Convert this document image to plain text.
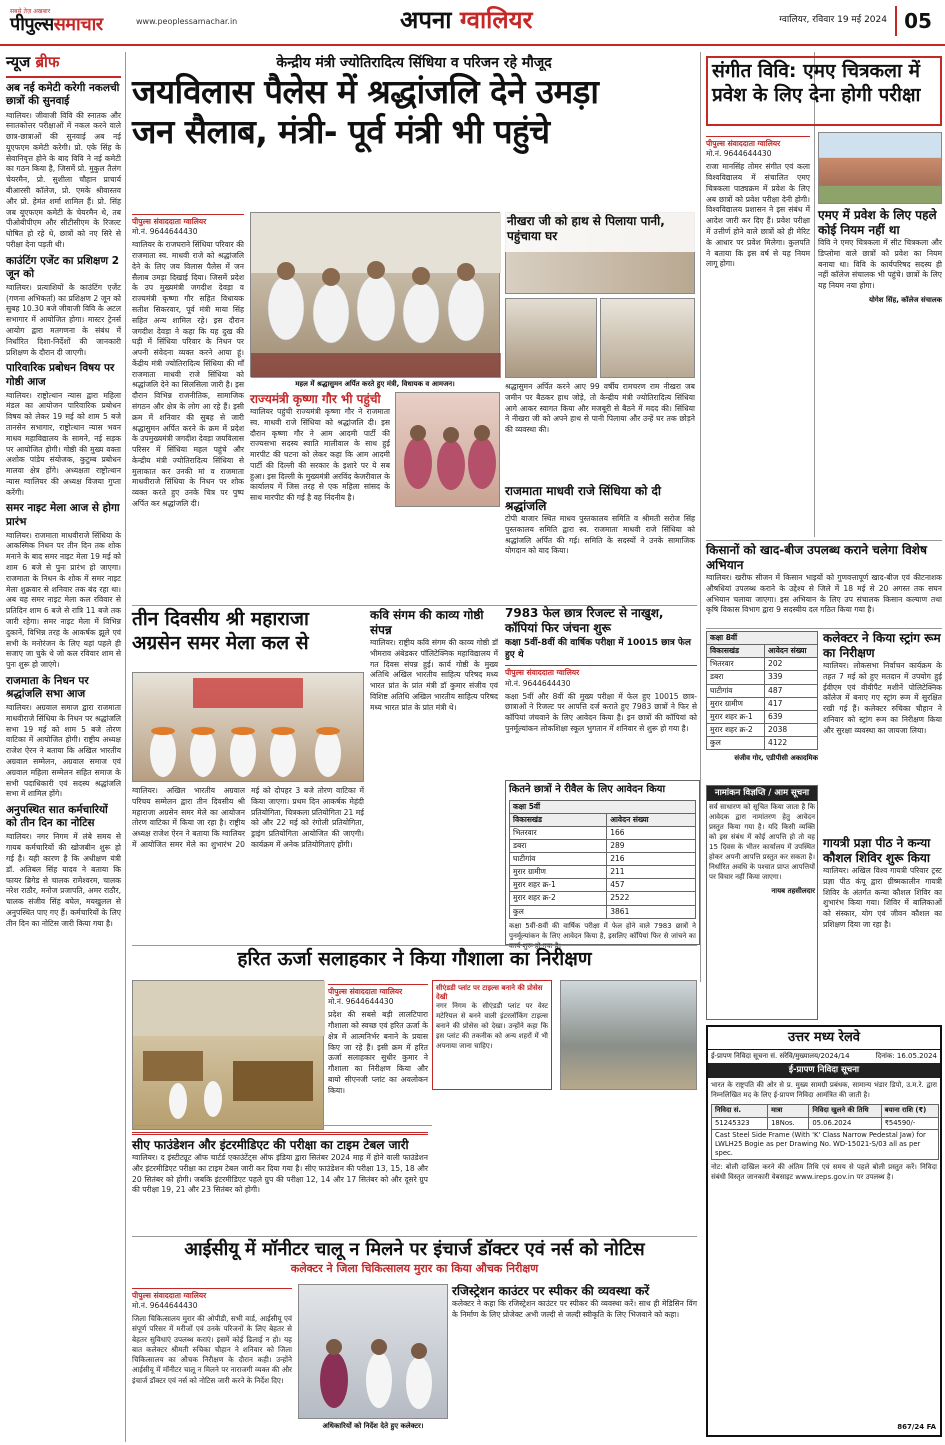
सबसे तेज़ अखबार
पीपुल्ससमाचार	www.peoplessamachar.in	अपना ग्वालियर	ग्वालियर, रविवार 19 मई 2024 05
न्यूज ब्रीफ
अब नई कमेटी करेगी नकलची छात्रों की सुनवाई
ग्वालियर। जीवाजी विवि की स्नातक और स्नातकोत्तर परीक्षाओं में नकल करने वाले छात्र-छात्राओं की सुनवाई अब नई यूएफएम कमेटी करेगी। प्रो. एके सिंह के सेवानिवृत्त होने के बाद विवि ने नई कमेटी का गठन किया है, जिसमें प्रो. मुकुल तैलंग चेयरमैन, प्रो. सुशीला चौहान प्राचार्य बीआरसी कॉलेज, प्रो. एमके श्रीवास्तव और प्रो. हेमंत शर्मा शामिल हैं। प्रो. सिंह जब यूएफएम कमेटी के चेयरमैन थे, तब पीओबीपीएम और सीटीसीएम के रिजल्ट घोषित हो रहे थे, छात्रों को नए सिरे से परीक्षा देना पड़ती थी।
काउंटिंग एजेंट का प्रशिक्षण 2 जून को
ग्वालियर। प्रत्याशियों के काउंटिंग एजेंट (गणना अभिकर्ता) का प्रशिक्षण 2 जून को सुबह 10.30 बजे जीवाजी विवि के अटल सभागार में आयोजित होगा। मास्टर ट्रेनर्स आयोग द्वारा मतगणना के संबंध में निर्धारित दिशा-निर्देशों की जानकारी प्रशिक्षण के दौरान दी जाएगी।
पारिवारिक प्रबोधन विषय पर गोष्ठी आज
ग्वालियर। राष्ट्रोत्थान न्यास द्वारा महिला मंडल का आयोजन पारिवारिक प्रबोधन विषय को लेकर 19 मई को शाम 5 बजे तानसेन सभागार, राष्ट्रोत्थान न्यास भवन माधव महाविद्यालय के सामने, नई सड़क पर आयोजित होगी। गोष्ठी की मुख्य वक्ता अशोक पांडेय संयोजक, कुटुम्ब प्रबोधन मालवा क्षेत्र होंगे। अध्यक्षता राष्ट्रोत्थान न्यास ग्वालियर की अध्यक्ष विजया गुप्ता करेंगी।
समर नाइट मेला आज से होगा प्रारंभ
ग्वालियर। राजमाता माधवीराजे सिंधिया के आकस्मिक निधन पर तीन दिन तक शोक मनाने के बाद समर नाइट मेला 19 मई को शाम 6 बजे से पुनः प्रारंभ हो जाएगा। राजमाता के निधन के शोक में समर नाइट मेला शुक्रवार से शनिवार तक बंद रहा था। अब यह समर नाइट मेला कल रविवार से प्रतिदिन शाम 6 बजे से रात्रि 11 बजे तक जारी रहेगा। समर नाइट मेला में विभिन्न दुकानें, विभिन्न तरह के आकर्षक झूले एवं सभी के मनोरंजन के लिए यहां पहले ही सजाए जा चुके थे जो कल रविवार शाम से पुनः शुरू हो जाएंगे।
राजमाता के निधन पर श्रद्धांजलि सभा आज
ग्वालियर। अग्रवाल समाज द्वारा राजमाता माधवीराजे सिंधिया के निधन पर श्रद्धांजलि सभा 19 मई को शाम 5 बजे तोरण वाटिका में आयोजित होगी। राष्ट्रीय अध्यक्ष राजेश ऐरन ने बताया कि अखिल भारतीय अग्रवाल सम्मेलन, अग्रवाल समाज एवं अग्रवाल महिला सम्मेलन सहित समाज के सभी पदाधिकारी एवं सदस्य श्रद्धांजलि सभा में शामिल होंगे।
अनुपस्थित सात कर्मचारियों को तीन दिन का नोटिस
ग्वालियर। नगर निगम में लंबे समय से गायब कर्मचारियों की खोजबीन शुरू हो गई है। यही कारण है कि अधीक्षण यंत्री डॉ. अतिबल सिंह यादव ने बताया कि फायर ब्रिगेड से चालक रामेश्वरम, चालक नरेश राठौर, मनोज प्रजापति, अमर राठौर, चालक संजीव सिंह बघेल, मयखुलल से अनुपस्थित पाए गए हैं। कर्मचारियों के लिए तीन दिन का नोटिस जारी किया गया है।
केन्द्रीय मंत्री ज्योतिरादित्य सिंधिया व परिजन रहे मौजूद
जयविलास पैलेस में श्रद्धांजलि देने उमड़ा
जन सैलाब, मंत्री- पूर्व मंत्री भी पहुंचे
पीपुल्स संवाददाता ग्वालियर
मो.नं. 9644644430
ग्वालियर के राजघराने सिंधिया परिवार की राजमाता स्व. माधवी राजे को श्रद्धांजलि देने के लिए जय विलास पैलेस में जन सैलाब उमड़ा दिखाई दिया। जिसमें प्रदेश के उप मुख्यमंत्री जगदीश देवड़ा व राज्यमंत्री कृष्णा गौर सहित विधायक सतीश सिकरवार, पूर्व मंत्री माया सिंह सहित अन्य शामिल रहे। इस दौरान जगदीश देवड़ा ने कहा कि यह दुख की घड़ी में सिंधिया परिवार के निधन पर अपनी संवेदना व्यक्त करने आया हूं। केंद्रीय मंत्री ज्योतिरादित्य सिंधिया की माँ राजमाता माधवी राजे सिंधिया को श्रद्धांजलि देने का सिलसिला जारी है। इस दौरान विभिन्न राजनीतिक, सामाजिक संगठन और क्षेत्र के लोग आ रहे हैं। इसी क्रम में शनिवार की सुबह से जारी श्रद्धासुमन अर्पित करने के क्रम में प्रदेश के उपमुख्यमंत्री जगदीश देवड़ा जयविलास परिसर में सिंधिया महल पहुंचे और केन्द्रीय मंत्री ज्योतिरादित्य सिंधिया से मुलाकात कर उनकी मां व राजमाता माधवीराजे सिंधिया के निधन पर शोक व्यक्त करते हुए उनके चित्र पर पुष्प अर्पित कर श्रद्धांजलि दी।
महल में श्रद्धासुमन अर्पित करते हुए मंत्री, विधायक व आमजन।
राज्यमंत्री कृष्णा गौर भी पहुंची
ग्वालियर पहुंची राज्यमंत्री कृष्णा गौर ने राजमाता स्व. माधवी राजे सिंधिया को श्रद्धांजलि दी। इस दौरान कृष्णा गौर ने आम आदमी पार्टी की राज्यसभा सदस्य स्वाति मालीवाल के साथ हुई मारपीट की घटना को लेकर कहा कि आम आदमी पार्टी की दिल्ली की सरकार के इशारे पर ये सब हुआ। इस दिल्ली के मुख्यमंत्री अरविंद केजरीवाल के कार्यालय में जिस तरह से एक महिला सांसद के साथ मारपीट की गई है वह निंदनीय है।
नीखरा जी को हाथ से पिलाया पानी, पहुंचाया घर
श्रद्धासुमन अर्पित करने आए 99 वर्षीय रामचरण राम नीखरा जब जमीन पर बैठकर हाथ जोड़े, तो केन्द्रीय मंत्री ज्योतिरादित्य सिंधिया आगे आकर स्वागत किया और मजबूरी से बैठने में मदद की। सिंधिया ने नीखरा जी को अपने हाथ से पानी पिलाया और उन्हें घर तक छोड़ने की व्यवस्था की।
राजमाता माधवी राजे सिंधिया को दी श्रद्धांजलि
टोपी बाजार स्थित माधव पुस्तकालय समिति व श्रीमती सरोज सिंह पुस्तकालय समिति द्वारा स्व. राजमाता माधवी राजे सिंधिया को श्रद्धांजलि अर्पित की गई। समिति के सदस्यों ने उनके सामाजिक योगदान को याद किया।
संगीत विवि: एमए चित्रकला में
प्रवेश के लिए देना होगी परीक्षा
पीपुल्स संवाददाता ग्वालियर
मो.नं. 9644644430
राजा मानसिंह तोमर संगीत एवं कला विश्वविद्यालय में संचालित एमए चित्रकला पाठ्यक्रम में प्रवेश के लिए अब छात्रों को प्रवेश परीक्षा देनी होगी। विश्वविद्यालय प्रशासन ने इस संबंध में आदेश जारी कर दिए हैं। प्रवेश परीक्षा में उत्तीर्ण होने वाले छात्रों को ही मेरिट के आधार पर प्रवेश मिलेगा। कुलपति ने बताया कि इस वर्ष से यह नियम लागू होगा।
एमए में प्रवेश के लिए पहले कोई नियम नहीं था
विवि ने एमए चित्रकला में सीट चित्रकला और डिप्लोमा वाले छात्रों को प्रवेश का नियम बनाया था। विवि के कार्यपरिषद सदस्य ही नहीं कॉलेज संचालक भी पहुंचे। छात्रों के लिए यह नियम नया होगा।
योगेश सिंह, कॉलेज संचालक
किसानों को खाद-बीज उपलब्ध कराने चलेगा विशेष अभियान
ग्वालियर। खरीफ सीजन में किसान भाइयों को गुणवत्तापूर्ण खाद-बीज एवं कीटनाशक औषधियां उपलब्ध कराने के उद्देश्य से जिले में 18 मई से 20 अगस्त तक सघन अभियान चलाया जाएगा। इस अभियान के लिए उप संचालक किसान कल्याण तथा कृषि विकास विभाग द्वारा 9 सदस्यीय दल गठित किया गया है।
तीन दिवसीय श्री महाराजा
अग्रसेन समर मेला कल से
ग्वालियर। अखिल भारतीय अग्रवाल परिचय सम्मेलन द्वारा तीन दिवसीय श्री महाराजा अग्रसेन समर मेले का आयोजन तोरण वाटिका में किया जा रहा है। राष्ट्रीय अध्यक्ष राजेश ऐरन ने बताया कि ग्वालियर में आयोजित समर मेले का शुभारंभ 20 मई को दोपहर 3 बजे तोरण वाटिका में किया जाएगा। प्रथम दिन आकर्षक मेहंदी प्रतियोगिता, चित्रकला प्रतियोगिता 21 मई को और 22 मई को रंगोली प्रतियोगिता, ड्राइंग प्रतियोगिता आयोजित की जाएगी। कार्यक्रम में अनेक प्रतियोगिताएं होंगी।
कवि संगम की काव्य गोष्ठी संपन्न
ग्वालियर। राष्ट्रीय कवि संगम की काव्य गोष्ठी डॉ भीमराव अंबेडकर पॉलिटेक्निक महाविद्यालय में गत दिवस संपन्न हुई। कार्य गोष्ठी के मुख्य अतिथि अखिल भारतीय साहित्य परिषद मध्य भारत प्रांत के प्रांत मंत्री डॉ कुमार संजीव एवं विशिष्ट अतिथि अखिल भारतीय साहित्य परिषद मध्य भारत प्रांत के प्रांत मंत्री थे।
7983 फेल छात्र रिजल्ट से नाखुश, कॉपियां फिर जंचना शुरू
कक्षा 5वीं-8वीं की वार्षिक परीक्षा में 10015 छात्र फेल हुए थे
पीपुल्स संवाददाता ग्वालियर
मो.नं. 9644644430
कक्षा 5वीं और 8वीं की मुख्य परीक्षा में फेल हुए 10015 छात्र-छात्राओं ने रिजल्ट पर आपत्ति दर्ज कराते हुए 7983 छात्रों ने फिर से कॉपियां जंचवाने के लिए आवेदन किया है। इन छात्रों की कॉपियां को पुनर्मूल्यांकन लोकशिक्षा स्कूल भुगतान में शनिवार से शुरू हो गया है।
कितने छात्रों ने रीवैल के लिए आवेदन किया
कक्षा 5वीं	
विकासखंड	आवेदन संख्या
भितरवार	166
डबरा	289
घाटीगांव	216
मुरार ग्रामीण	211
मुरार शहर क्र-1	457
मुरार शहर क्र-2	2522
कुल	3861
कक्षा 5वीं-8वीं की वार्षिक परीक्षा में फेल होने वाले 7983 छात्रों ने पुनर्मूल्यांकन के लिए आवेदन किया है, इसलिए कॉपियां फिर से जांचने का
कलेक्टर ने किया स्ट्रांग रूम का निरीक्षण
ग्वालियर। लोकसभा निर्वाचन कार्यक्रम के तहत 7 मई को हुए मतदान में उपयोग हुई ईवीएम एवं वीवीपैट मशीनें पोलिटेक्निक कॉलेज में बनाए गए स्ट्रांग रूम में सुरक्षित रखी गई हैं। कलेक्टर रुचिका चौहान ने शनिवार को स्ट्रांग रूम का निरीक्षण किया और सुरक्षा व्यवस्था का जायजा लिया।
कक्षा 8वीं	
विकासखंड	आवेदन संख्या
भितरवार	202
डबरा	339
घाटीगांव	487
मुरार ग्रामीण	417
मुरार शहर क्र-1	639
मुरार शहर क्र-2	2038
कुल	4122
संजीव गोर, एडीपीसी अकादमिक
नामांकन विज्ञप्ति / आम सूचना
सर्व साधारण को सूचित किया जाता है कि आवेदक द्वारा नामांतरण हेतु आवेदन प्रस्तुत किया गया है। यदि किसी व्यक्ति को इस संबंध में कोई आपत्ति हो तो वह 15 दिवस के भीतर कार्यालय में उपस्थित होकर अपनी आपत्ति प्रस्तुत कर सकता है। निर्धारित अवधि के पश्चात प्राप्त आपत्तियों पर विचार नहीं किया जाएगा।
नायब तहसीलदार
गायत्री प्रज्ञा पीठ ने कन्या कौशल शिविर शुरू किया
ग्वालियर। अखिल विश्व गायत्री परिवार ट्रस्ट प्रज्ञा पीठ कंपू द्वारा ग्रीष्मकालीन गायत्री शिविर के अंतर्गत कन्या कौशल शिविर का शुभारंभ किया गया। शिविर में बालिकाओं को संस्कार, योग एवं जीवन कौशल का प्रशिक्षण दिया जा रहा है।
हरित ऊर्जा सलाहकार ने किया गौशाला का निरीक्षण
पीपुल्स संवाददाता ग्वालियर
मो.नं. 9644644430
प्रदेश की सबसे बड़ी लालटिपारा गौशाला को स्वच्छ एवं हरित ऊर्जा के क्षेत्र में आत्मनिर्भर बनाने के प्रयास किए जा रहे हैं। इसी क्रम में हरित ऊर्जा सलाहकार सुधीर कुमार ने गौशाला का निरीक्षण किया और बायो सीएनजी प्लांट का अवलोकन किया।
सीएंडडी प्लांट पर टाइल्स बनाने की प्रोसेस देखी
नगर निगम के सीएंडडी प्लांट पर वेस्ट मटेरियल से बनने वाली इंटरलॉकिंग टाइल्स बनाने की प्रोसेस को देखा। उन्होंने कहा कि इस प्लांट की तकनीक को अन्य शहरों में भी अपनाया जाना चाहिए।
सीए फाउंडेशन और इंटरमीडिएट की परीक्षा का टाइम टेबल जारी
ग्वालियर। द इंस्टीट्यूट ऑफ चार्टर्ड एकाउंटेंट्स ऑफ इंडिया द्वारा सितंबर 2024 माह में होने वाली फाउंडेशन और इंटरमीडिएट परीक्षा का टाइम टेबल जारी कर दिया गया है। सीए फाउंडेशन की परीक्षा 13, 15, 18 और 20 सितंबर को होगी। जबकि इंटरमीडिएट पहले ग्रुप की परीक्षा 12, 14 और 17 सितंबर को और दूसरे ग्रुप की परीक्षा 19, 21 और 23 सितंबर को होगी।
उत्तर मध्य रेलवे
ई-प्रापण निविदा सूचना सं. संरेवि/मुख्यालय/2024/14	दिनांक: 16.05.2024
ई-प्रापण निविदा सूचना
भारत के राष्ट्रपति की ओर से प्र. मुख्य सामग्री प्रबंधक, सामान्य भंडार डिपो, उ.म.रे. द्वारा निम्नलिखित मद के लिए ई-प्रापण निविदा आमंत्रित की जाती है।
निविदा सं.	मात्रा	निविदा खुलने की तिथि	बयाना राशि (₹)
51245323	18Nos.	05.06.2024	₹54590/-
Cast Steel Side Frame (With 'K' Class Narrow Pedestal Jaw) for LWLH25 Bogie as per Drawing No. WD-15021-S/03 all as per spec.			
नोट: बोली दाखिल करने की अंतिम तिथि एवं समय से पहले बोली प्रस्तुत करें। निविदा संबंधी विस्तृत जानकारी वेबसाइट www.ireps.gov.in पर उपलब्ध है।
867/24 FA
आईसीयू में मॉनीटर चालू न मिलने पर इंचार्ज डॉक्टर एवं नर्स को नोटिस
कलेक्टर ने जिला चिकित्सालय मुरार का किया औचक निरीक्षण
पीपुल्स संवाददाता ग्वालियर
मो.नं. 9644644430
जिला चिकित्सालय मुरार की ओपीडी, सभी वार्ड, आईसीयू एवं संपूर्ण परिसर में मरीजों एवं उनके परिजनों के लिए बेहतर से बेहतर सुविधाएं उपलब्ध कराएं। इसमें कोई ढिलाई न हो। यह बात कलेक्टर श्रीमती रुचिका चौहान ने शनिवार को जिला चिकित्सालय का औचक निरीक्षण के दौरान कही। उन्होंने आईसीयू में मॉनीटर चालू न मिलने पर नाराजगी व्यक्त की और इंचार्ज डॉक्टर एवं नर्स को नोटिस जारी करने के निर्देश दिए।
अधिकारियों को निर्देश देते हुए कलेक्टर।
रजिस्ट्रेशन काउंटर पर स्पीकर की व्यवस्था करें
कलेक्टर ने कहा कि रजिस्ट्रेशन काउंटर पर स्पीकर की व्यवस्था करें। साथ ही मेडिसिन विंग के निर्माण के लिए प्रोजेक्ट अभी जल्दी से जल्दी स्वीकृति के लिए भिजवाने को कहा।
